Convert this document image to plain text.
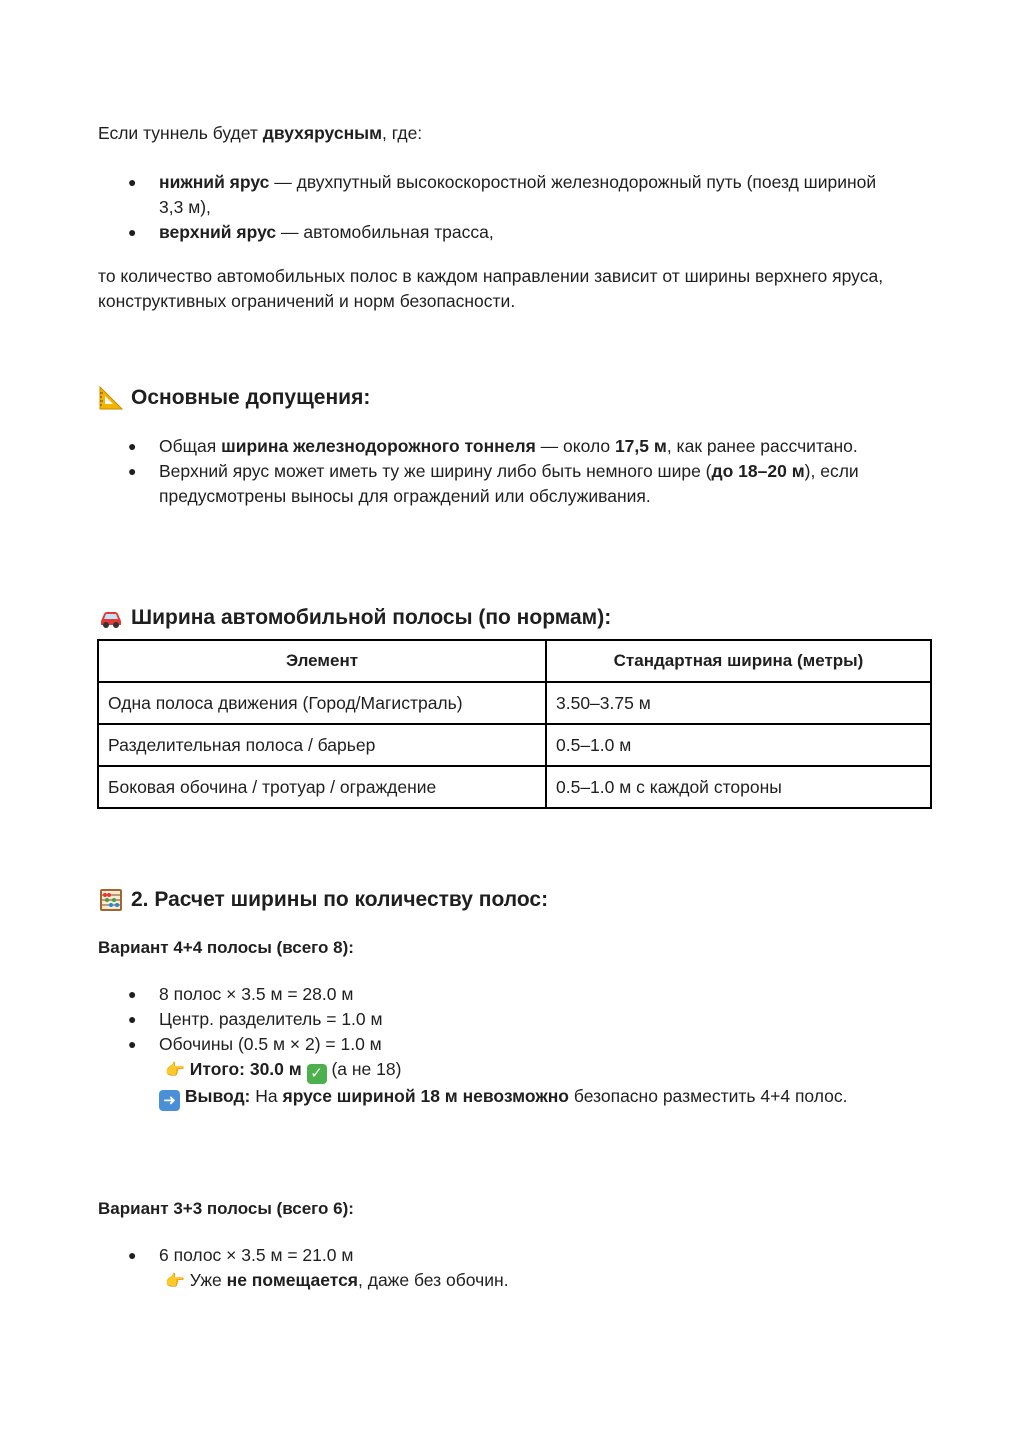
Если туннель будет двухярусным, где:

● нижний ярус — двухпутный высокоскоростной железнодорожный путь (поезд шириной 3,3 м),
● верхний ярус — автомобильная трасса,

то количество автомобильных полос в каждом направлении зависит от ширины верхнего яруса, конструктивных ограничений и норм безопасности.

Основные допущения:
● Общая ширина железнодорожного тоннеля — около 17,5 м, как ранее рассчитано.
● Верхний ярус может иметь ту же ширину либо быть немного шире (до 18–20 м), если предусмотрены выносы для ограждений или обслуживания.
Ширина автомобильной полосы (по нормам):
Элемент	Стандартная ширина (метры)
Одна полоса движения (Город/Магистраль)	3.50–3.75 м
Разделительная полоса / барьер	0.5–1.0 м
Боковая обочина / тротуар / ограждение	0.5–1.0 м с каждой стороны
2. Расчет ширины по количеству полос:
Вариант 4+4 полосы (всего 8):
● 8 полос × 3.5 м = 28.0 м
● Центр. разделитель = 1.0 м
● Обочины (0.5 м × 2) = 1.0 м
👉 Итого: 30.0 м ✓ (а не 18)
➜ Вывод: На ярусе шириной 18 м невозможно безопасно разместить 4+4 полос.
Вариант 3+3 полосы (всего 6):
● 6 полос × 3.5 м = 21.0 м
👉 Уже не помещается, даже без обочин.
